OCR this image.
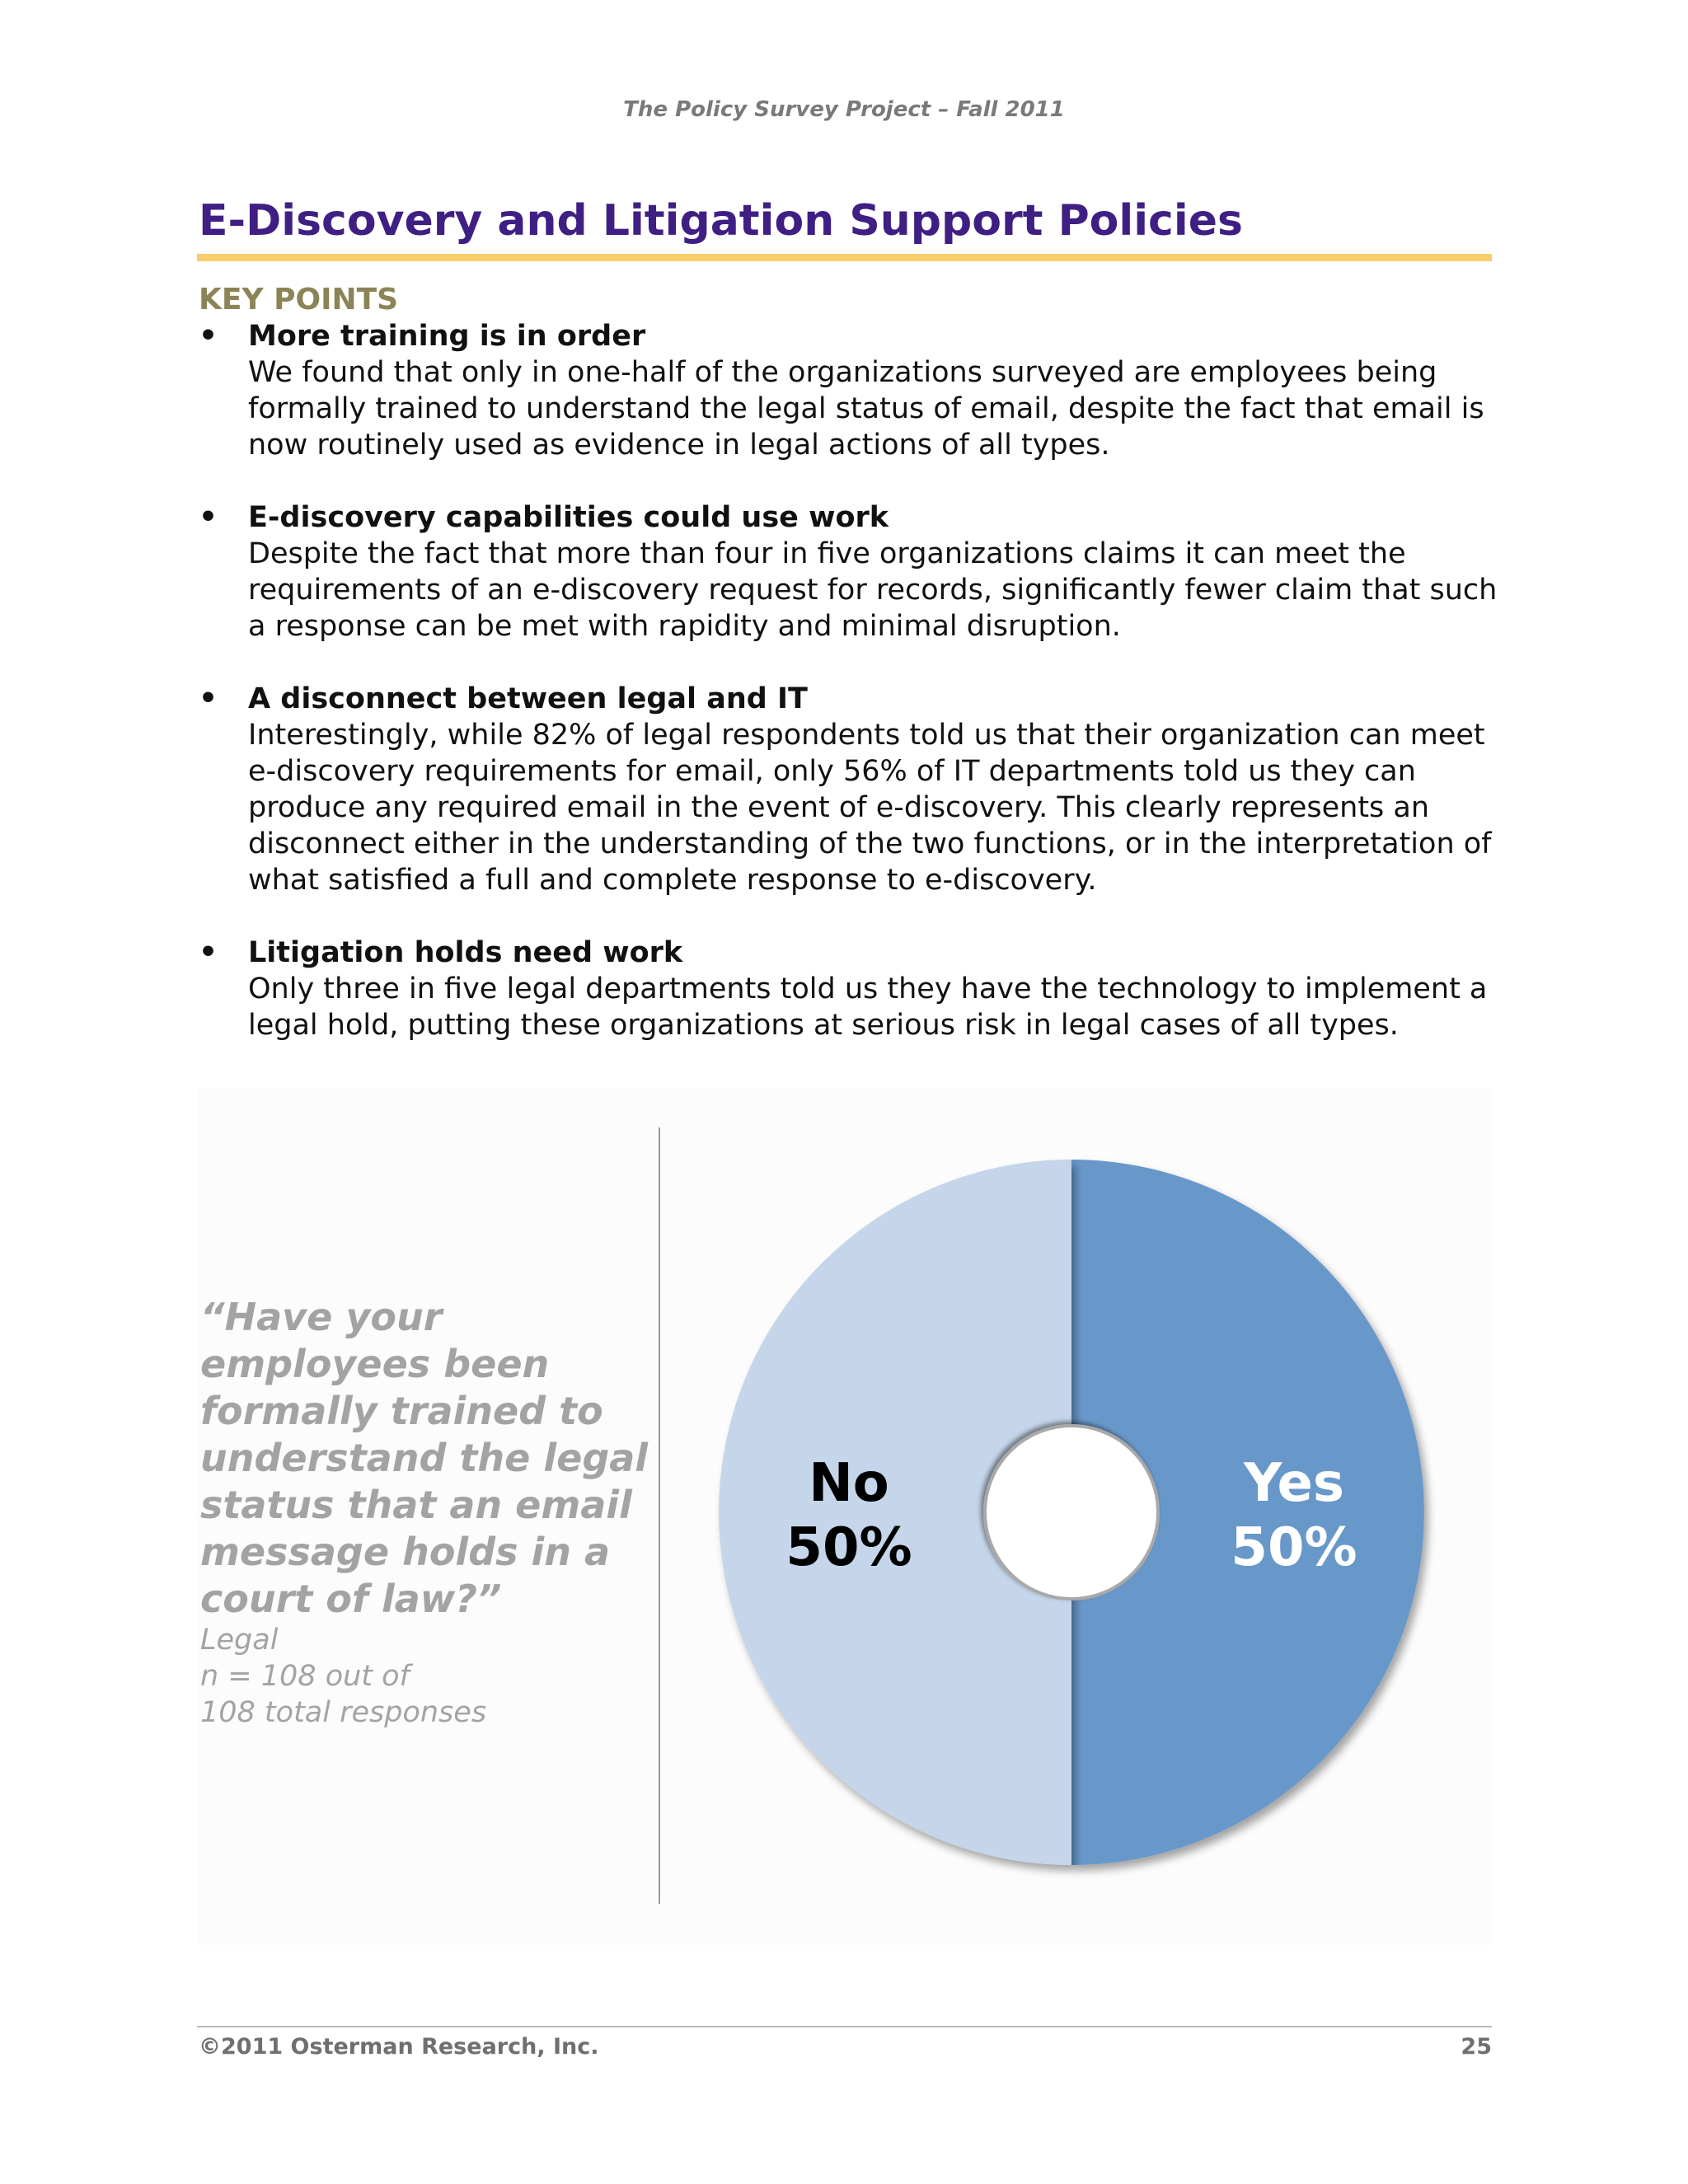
The Policy Survey Project – Fall 2011
E-Discovery and Litigation Support Policies
KEY POINTS
• More training is in order
We found that only in one-half of the organizations surveyed are employees being formally trained to understand the legal status of email, despite the fact that email is now routinely used as evidence in legal actions of all types.
• E-discovery capabilities could use work
Despite the fact that more than four in five organizations claims it can meet the requirements of an e-discovery request for records, significantly fewer claim that such a response can be met with rapidity and minimal disruption.
• A disconnect between legal and IT
Interestingly, while 82% of legal respondents told us that their organization can meet e-discovery requirements for email, only 56% of IT departments told us they can produce any required email in the event of e-discovery. This clearly represents an disconnect either in the understanding of the two functions, or in the interpretation of what satisfied a full and complete response to e-discovery.
• Litigation holds need work
Only three in five legal departments told us they have the technology to implement a legal hold, putting these organizations at serious risk in legal cases of all types.
“Have your employees been formally trained to understand the legal status that an email message holds in a court of law?”
Legal
n = 108 out of
108 total responses
Yes
50%
No
50%
©2011 Osterman Research, Inc.	25
